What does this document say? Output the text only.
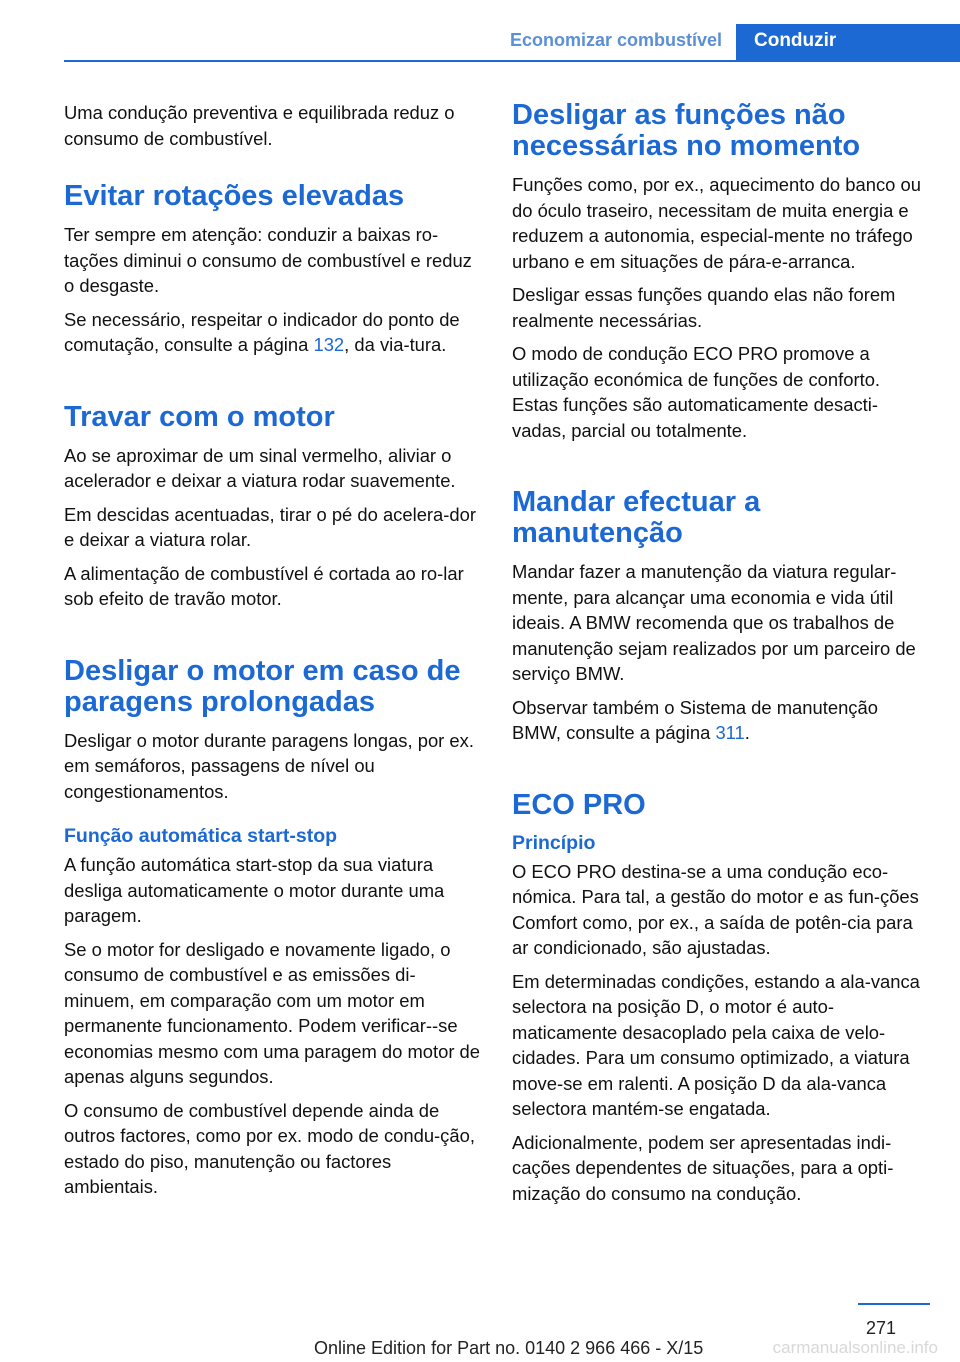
Economizar combustível	Conduzir

Uma condução preventiva e equilibrada reduz o consumo de combustível.

Evitar rotações elevadas

Ter sempre em atenção: conduzir a baixas ro-tações diminui o consumo de combustível e reduz o desgaste.

Se necessário, respeitar o indicador do ponto de comutação, consulte a página 132, da via-tura.

Travar com o motor

Ao se aproximar de um sinal vermelho, aliviar o acelerador e deixar a viatura rodar suavemente.

Em descidas acentuadas, tirar o pé do acelera-dor e deixar a viatura rolar.

A alimentação de combustível é cortada ao ro-lar sob efeito de travão motor.

Desligar o motor em caso de paragens prolongadas

Desligar o motor durante paragens longas, por ex. em semáforos, passagens de nível ou congestionamentos.

Função automática start-stop

A função automática start-stop da sua viatura desliga automaticamente o motor durante uma paragem.

Se o motor for desligado e novamente ligado, o consumo de combustível e as emissões di-minuem, em comparação com um motor em permanente funcionamento. Podem verificar--se economias mesmo com uma paragem do motor de apenas alguns segundos.

O consumo de combustível depende ainda de outros factores, como por ex. modo de condu-ção, estado do piso, manutenção ou factores ambientais.

Desligar as funções não necessárias no momento

Funções como, por ex., aquecimento do banco ou do óculo traseiro, necessitam de muita energia e reduzem a autonomia, especial-mente no tráfego urbano e em situações de pára-e-arranca.

Desligar essas funções quando elas não forem realmente necessárias.

O modo de condução ECO PRO promove a utilização económica de funções de conforto. Estas funções são automaticamente desacti-vadas, parcial ou totalmente.

Mandar efectuar a manutenção

Mandar fazer a manutenção da viatura regular-mente, para alcançar uma economia e vida útil ideais. A BMW recomenda que os trabalhos de manutenção sejam realizados por um parceiro de serviço BMW.

Observar também o Sistema de manutenção BMW, consulte a página 311.

ECO PRO
Princípio

O ECO PRO destina-se a uma condução eco-nómica. Para tal, a gestão do motor e as fun-ções Comfort como, por ex., a saída de potên-cia para ar condicionado, são ajustadas.

Em determinadas condições, estando a ala-vanca selectora na posição D, o motor é auto-maticamente desacoplado pela caixa de velo-cidades. Para um consumo optimizado, a viatura move-se em ralenti. A posição D da ala-vanca selectora mantém-se engatada.

Adicionalmente, podem ser apresentadas indi-cações dependentes de situações, para a opti-mização do consumo na condução.

271
Online Edition for Part no. 0140 2 966 466 - X/15	carmanualsonline.info
